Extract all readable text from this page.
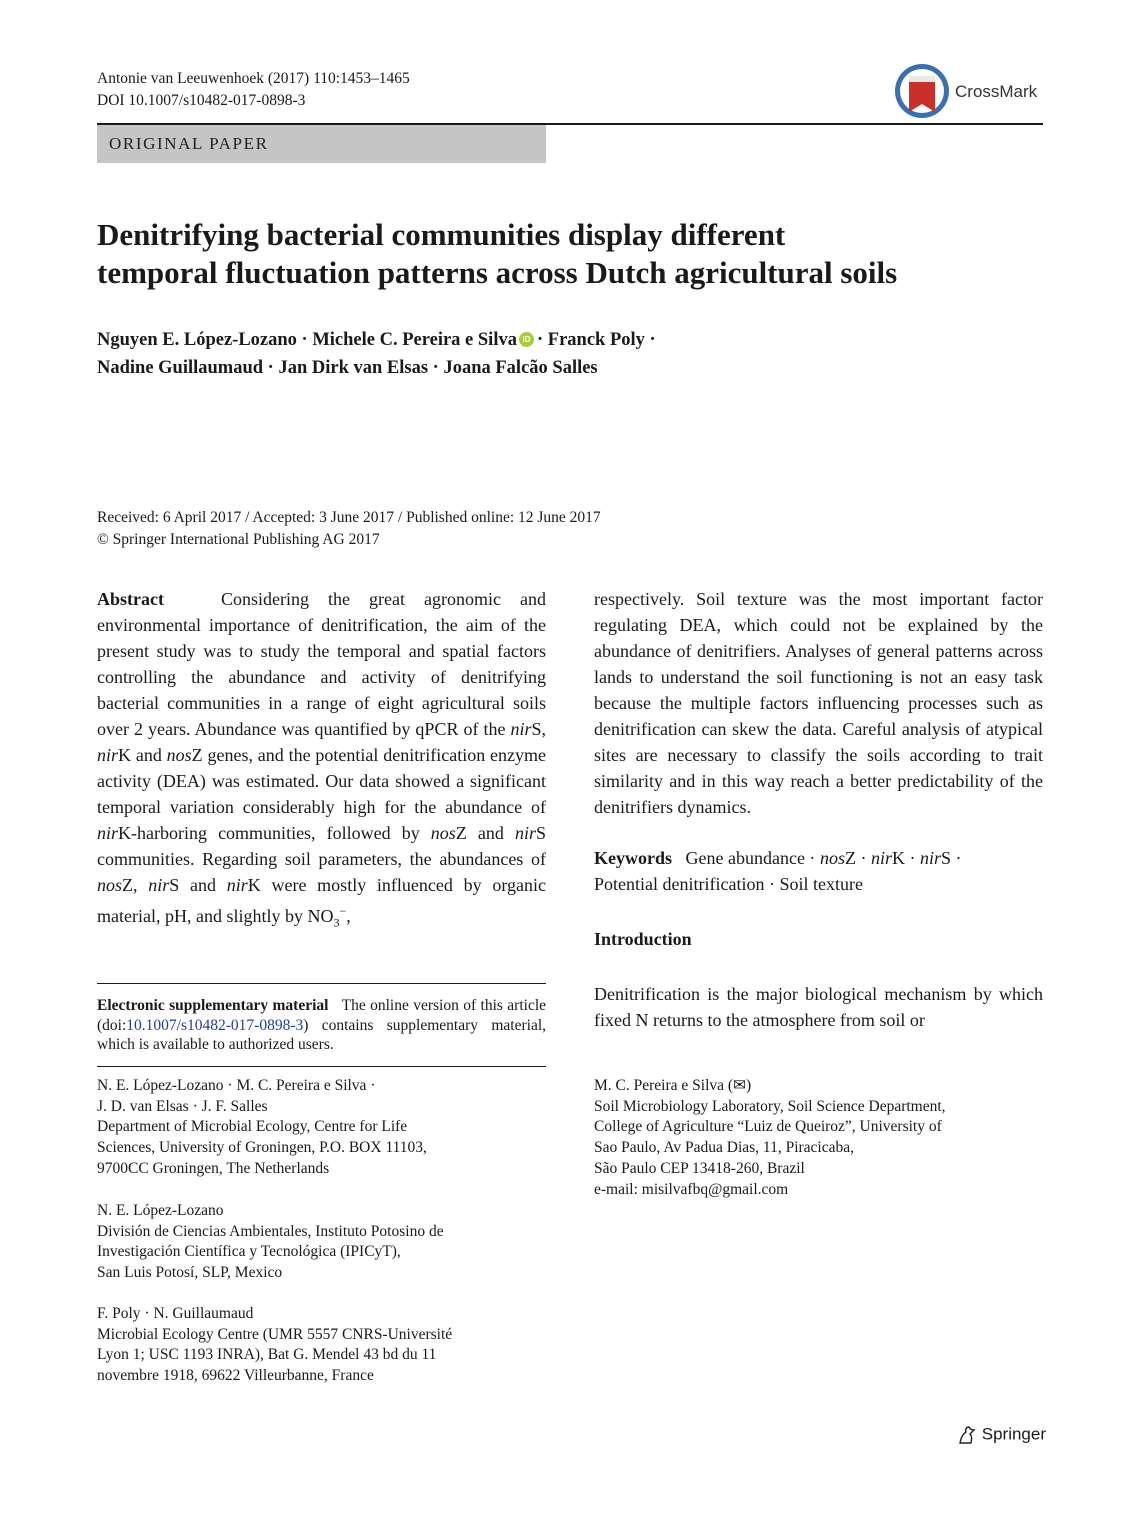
Antonie van Leeuwenhoek (2017) 110:1453–1465
DOI 10.1007/s10482-017-0898-3	CrossMark
ORIGINAL PAPER
Denitrifying bacterial communities display different
temporal fluctuation patterns across Dutch agricultural soils
Nguyen E. López-Lozano · Michele C. Pereira e Silva iD · Franck Poly ·
Nadine Guillaumaud · Jan Dirk van Elsas · Joana Falcão Salles
Received: 6 April 2017 / Accepted: 3 June 2017 / Published online: 12 June 2017
© Springer International Publishing AG 2017
Abstract	Considering the great agronomic and environmental importance of denitrification, the aim of the present study was to study the temporal and spatial factors controlling the abundance and activity of denitrifying bacterial communities in a range of eight agricultural soils over 2 years. Abundance was quantified by qPCR of the nirS, nirK and nosZ genes, and the potential denitrification enzyme activity (DEA) was estimated. Our data showed a significant temporal variation considerably high for the abundance of nirK-harboring communities, followed by nosZ and nirS communities. Regarding soil parameters, the abundances of nosZ, nirS and nirK were mostly influenced by organic material, pH, and slightly by $NO_3^-$,
respectively. Soil texture was the most important factor regulating DEA, which could not be explained by the abundance of denitrifiers. Analyses of general patterns across lands to understand the soil functioning is not an easy task because the multiple factors influencing processes such as denitrification can skew the data. Careful analysis of atypical sites are necessary to classify the soils according to trait similarity and in this way reach a better predictability of the denitrifiers dynamics.
Keywords Gene abundance · nosZ · nirK · nirS ·
Potential denitrification · Soil texture
Introduction
Denitrification is the major biological mechanism by which fixed N returns to the atmosphere from soil or
Electronic supplementary material The online version of this article (doi:10.1007/s10482-017-0898-3) contains supplementary material, which is available to authorized users.
N. E. López-Lozano · M. C. Pereira e Silva ·
J. D. van Elsas · J. F. Salles
Department of Microbial Ecology, Centre for Life
Sciences, University of Groningen, P.O. BOX 11103,
9700CC Groningen, The Netherlands
N. E. López-Lozano
División de Ciencias Ambientales, Instituto Potosino de
Investigación Científica y Tecnológica (IPICyT),
San Luis Potosí, SLP, Mexico
F. Poly · N. Guillaumaud
Microbial Ecology Centre (UMR 5557 CNRS-Université
Lyon 1; USC 1193 INRA), Bat G. Mendel 43 bd du 11
novembre 1918, 69622 Villeurbanne, France
M. C. Pereira e Silva (✉)
Soil Microbiology Laboratory, Soil Science Department,
College of Agriculture “Luiz de Queiroz”, University of
Sao Paulo, Av Padua Dias, 11, Piracicaba,
São Paulo CEP 13418-260, Brazil
e-mail: misilvafbq@gmail.com
Springer
